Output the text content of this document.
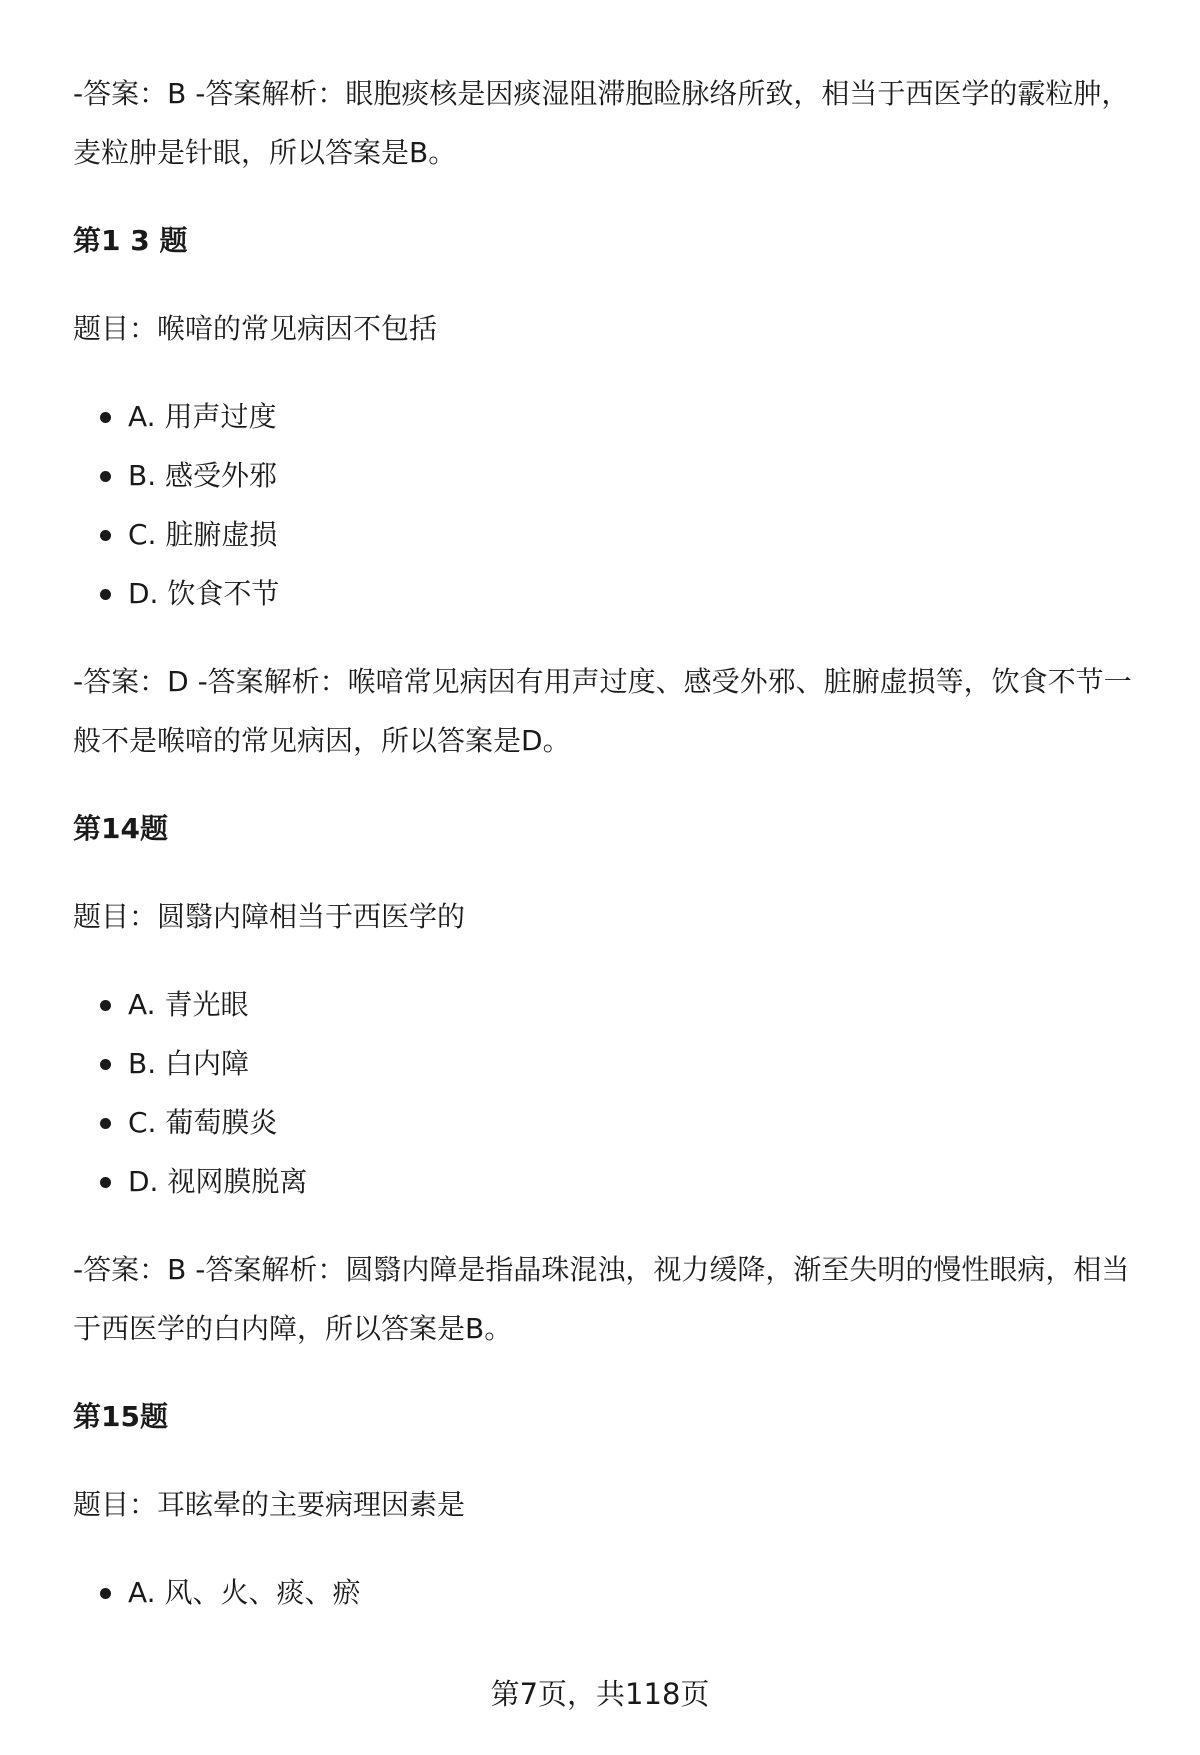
-答案：B -答案解析：眼胞痰核是因痰湿阻滞胞睑脉络所致，相当于西医学的霰粒肿，麦粒肿是针眼，所以答案是B。

第1 3 题

题目：喉喑的常见病因不包括

A. 用声过度
B. 感受外邪
C. 脏腑虚损
D. 饮食不节

-答案：D -答案解析：喉喑常见病因有用声过度、感受外邪、脏腑虚损等，饮食不节一般不是喉喑的常见病因，所以答案是D。

第14题

题目：圆翳内障相当于西医学的

A. 青光眼
B. 白内障
C. 葡萄膜炎
D. 视网膜脱离

-答案：B -答案解析：圆翳内障是指晶珠混浊，视力缓降，渐至失明的慢性眼病，相当于西医学的白内障，所以答案是B。

第15题

题目：耳眩晕的主要病理因素是

A. 风、火、痰、瘀
第7页，共118页
